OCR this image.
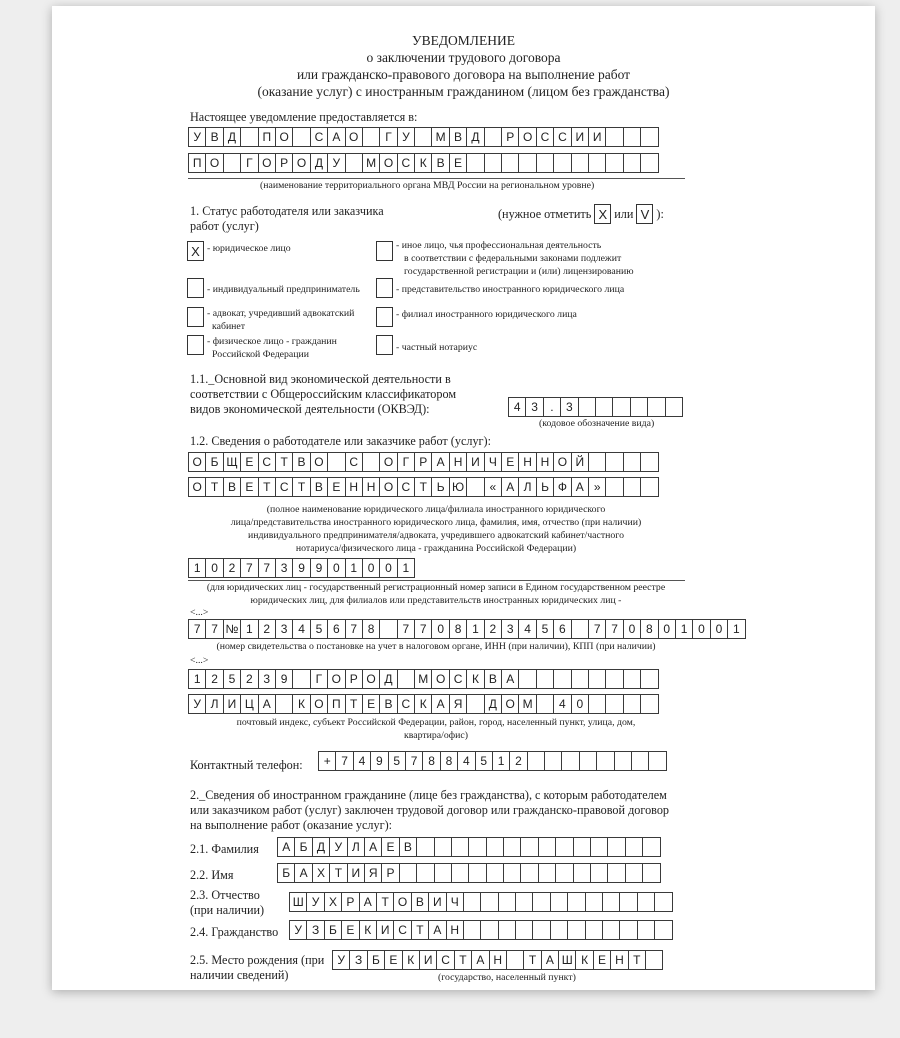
УВЕДОМЛЕНИЕ
о заключении трудового договора
или гражданско-правового договора на выполнение работ
(оказание услуг) с иностранным гражданином (лицом без гражданства)
Настоящее уведомление предоставляется в:
У В Д	П О	С А О	Г У	М В Д	Р О С С И И
П О	Г О Р О Д У	М О С К В Е
(наименование территориального органа МВД России на региональном уровне)
1. Статус работодателя или заказчика
работ (услуг)
(нужное отметить X или V ):
X - юридическое лицо
- индивидуальный предприниматель
- адвокат, учредивший адвокатский
кабинет
- физическое лицо - гражданин
Российской Федерации
- иное лицо, чья профессиональная деятельность
в соответствии с федеральными законами подлежит
государственной регистрации и (или) лицензированию
- представительство иностранного юридического лица
- филиал иностранного юридического лица
- частный нотариус
1.1._Основной вид экономической деятельности в
соответствии с Общероссийским классификатором
видов экономической деятельности (ОКВЭД):	4 3	.	3
(кодовое обозначение вида)
1.2. Сведения о работодателе или заказчике работ (услуг):
О Б Щ Е С Т В О	С	О Г Р А Н И Ч Е Н Н О Й
О Т В Е Т С Т В Е Н Н О С Т Ь Ю	« А Л Ь Ф А »
(полное наименование юридического лица/филиала иностранного юридического
лица/представительства иностранного юридического лица, фамилия, имя, отчество (при наличии)
индивидуального предпринимателя/адвоката, учредившего адвокатский кабинет/частного
нотариуса/физического лица - гражданина Российской Федерации)
1 0 2 7 7 3 9 9 0 1 0 0 1
(для юридических лиц - государственный регистрационный номер записи в Едином государственном реестре
юридических лиц, для филиалов или представительств иностранных юридических лиц -
<...>
7 7 № 1 2 3 4 5 6 7 8	7 7 0 8 1 2 3 4 5 6	7 7 0 8 0 1 0 0 1
(номер свидетельства о постановке на учет в налоговом органе, ИНН (при наличии), КПП (при наличии)
<...>
1 2 5 2 3 9	Г О Р О Д	М О С К В А
У Л И Ц А	К О П Т Е В С К А Я	Д О М	4 0
почтовый индекс, субъект Российской Федерации, район, город, населенный пункт, улица, дом,
квартира/офис)
Контактный телефон:	+ 7 4 9 5 7 8 8 4 5 1 2
2._Сведения об иностранном гражданине (лице без гражданства), с которым работодателем
или заказчиком работ (услуг) заключен трудовой договор или гражданско-правовой договор
на выполнение работ (оказание услуг):
2.1. Фамилия	А Б Д У Л А Е В
2.2. Имя	Б А Х Т И Я Р
2.3. Отчество
(при наличии)
Ш У Х Р А Т О В И Ч
2.4. Гражданство	У З Б Е К И С Т А Н
2.5. Место рождения (при
наличии сведений)
У З Б Е К И С Т А Н	Т А Ш К Е Н Т
(государство, населенный пункт)
